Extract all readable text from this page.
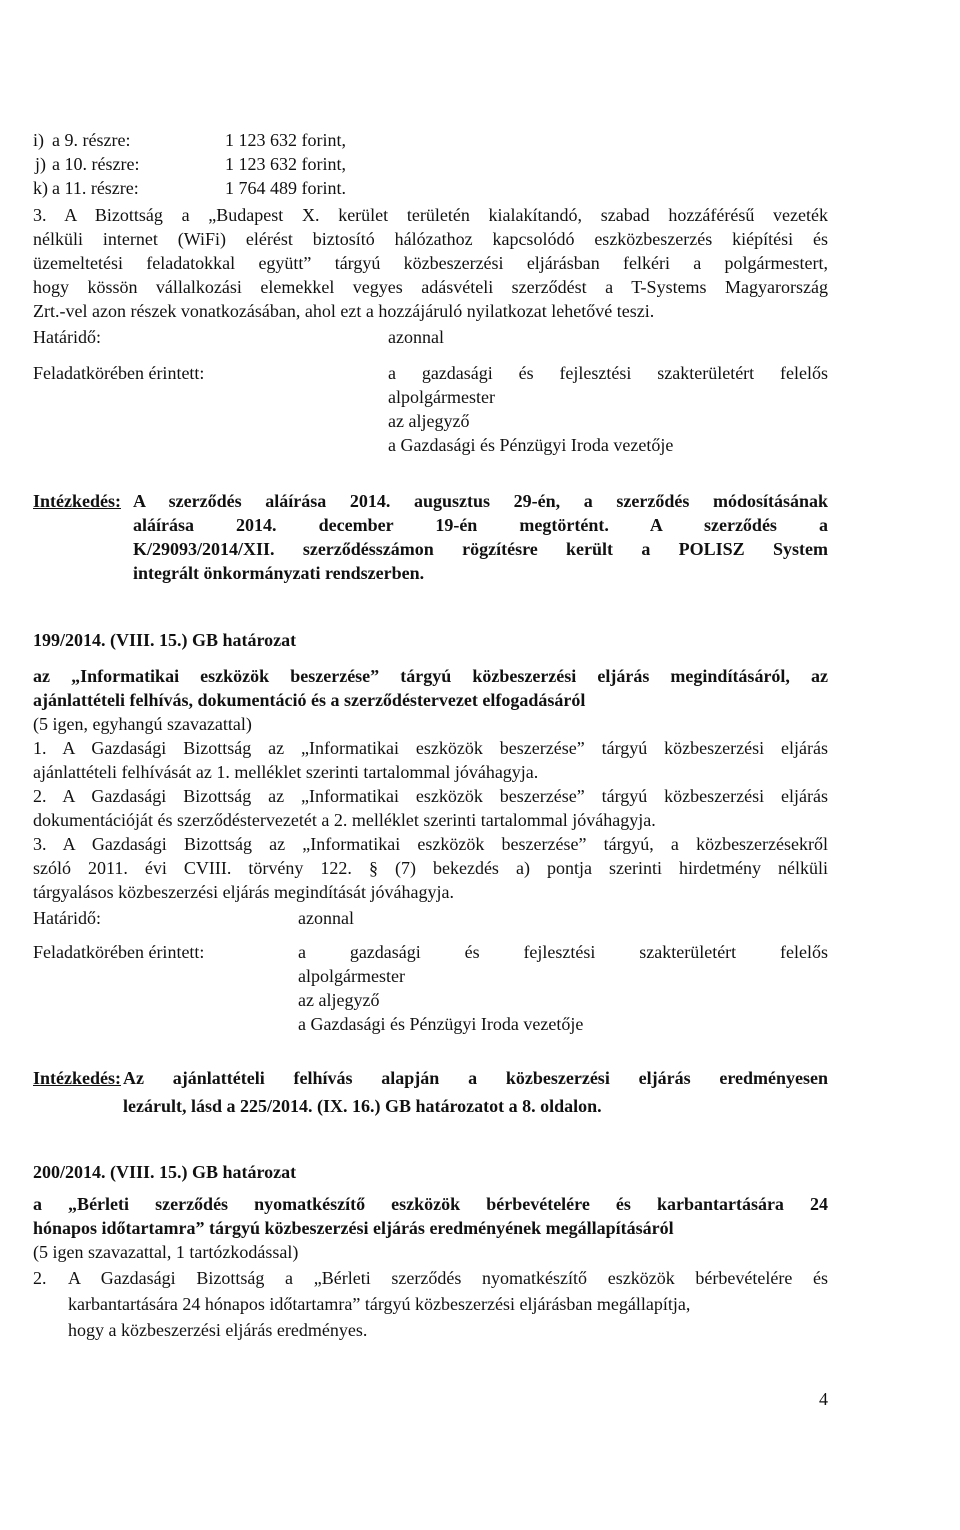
i) a 9. részre:	1 123 632 forint,
j) a 10. részre:	1 123 632 forint,
k) a 11. részre:	1 764 489 forint.
3. A Bizottság a „Budapest X. kerület területén kialakítandó, szabad hozzáférésű vezeték
nélküli internet (WiFi) elérést biztosító hálózathoz kapcsolódó eszközbeszerzés kiépítési és
üzemeltetési feladatokkal együtt” tárgyú közbeszerzési eljárásban felkéri a polgármestert,
hogy kössön vállalkozási elemekkel vegyes adásvételi szerződést a T-Systems Magyarország
Zrt.-vel azon részek vonatkozásában, ahol ezt a hozzájáruló nyilatkozat lehetővé teszi.
Határidő:	azonnal
Feladatkörében érintett:	a gazdasági és fejlesztési szakterületért felelős
alpolgármester
az aljegyző
a Gazdasági és Pénzügyi Iroda vezetője
Intézkedés: A szerződés aláírása 2014. augusztus 29-én, a szerződés módosításának
aláírása 2014. december 19-én megtörtént. A szerződés a
K/29093/2014/XII. szerződésszámon rögzítésre került a POLISZ System
integrált önkormányzati rendszerben.
199/2014. (VIII. 15.) GB határozat
az „Informatikai eszközök beszerzése” tárgyú közbeszerzési eljárás megindításáról, az
ajánlattételi felhívás, dokumentáció és a szerződéstervezet elfogadásáról
(5 igen, egyhangú szavazattal)
1. A Gazdasági Bizottság az „Informatikai eszközök beszerzése” tárgyú közbeszerzési eljárás
ajánlattételi felhívását az 1. melléklet szerinti tartalommal jóváhagyja.
2. A Gazdasági Bizottság az „Informatikai eszközök beszerzése” tárgyú közbeszerzési eljárás
dokumentációját és szerződéstervezetét a 2. melléklet szerinti tartalommal jóváhagyja.
3. A Gazdasági Bizottság az „Informatikai eszközök beszerzése” tárgyú, a közbeszerzésekről
szóló 2011. évi CVIII. törvény 122. § (7) bekezdés a) pontja szerinti hirdetmény nélküli
tárgyalásos közbeszerzési eljárás megindítását jóváhagyja.
Határidő:	azonnal
Feladatkörében érintett:	a gazdasági és fejlesztési szakterületért felelős
alpolgármester
az aljegyző
a Gazdasági és Pénzügyi Iroda vezetője
Intézkedés: Az ajánlattételi felhívás alapján a közbeszerzési eljárás eredményesen
lezárult, lásd a 225/2014. (IX. 16.) GB határozatot a 8. oldalon.
200/2014. (VIII. 15.) GB határozat
a „Bérleti szerződés nyomatkészítő eszközök bérbevételére és karbantartására 24
hónapos időtartamra” tárgyú közbeszerzési eljárás eredményének megállapításáról
(5 igen szavazattal, 1 tartózkodással)
2. A Gazdasági Bizottság a „Bérleti szerződés nyomatkészítő eszközök bérbevételére és
karbantartására 24 hónapos időtartamra” tárgyú közbeszerzési eljárásban megállapítja,
hogy a közbeszerzési eljárás eredményes.
4
